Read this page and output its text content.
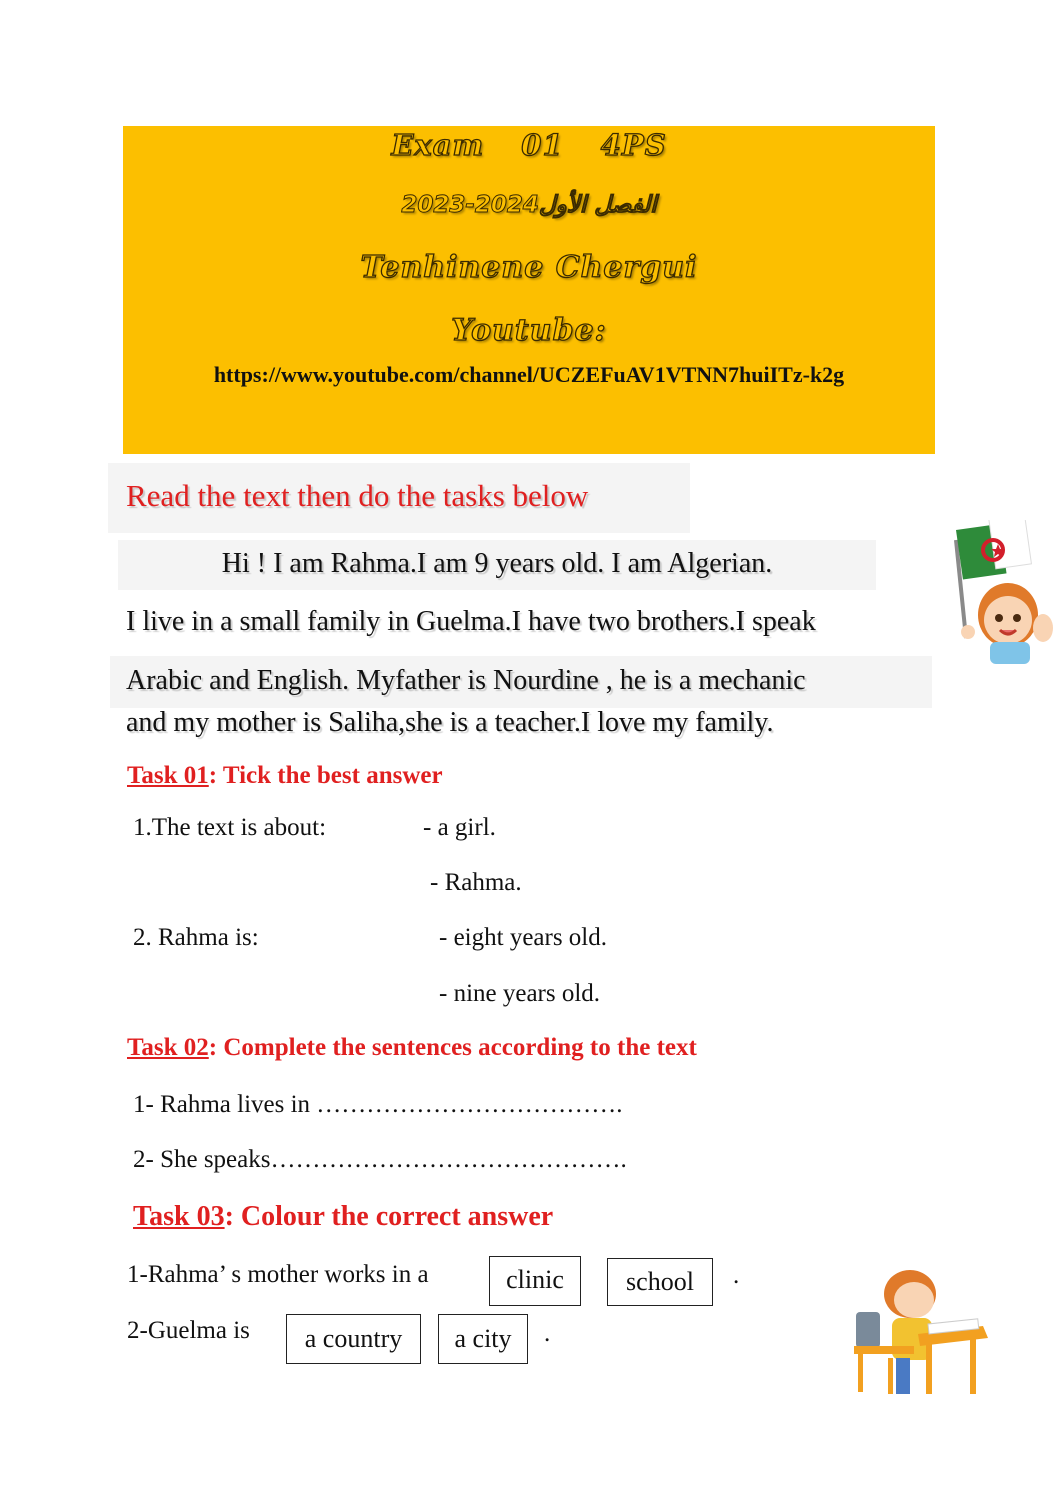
Exam 01 4PS
2023-2024الفصل الأول
Tenhinene Chergui
Youtube:
https://www.youtube.com/channel/UCZEFuAV1VTNN7huiITz-k2g
Read the text then do the tasks below
Hi ! I am Rahma.I am 9 years old. I am Algerian.
I live in a small family in Guelma.I have two brothers.I speak
Arabic and English. Myfather is Nourdine , he is a mechanic
and my mother is Saliha,she is a teacher.I love my family.
Task 01: Tick the best answer
1.The text is about:	- a girl.
- Rahma.
2. Rahma is:	- eight years old.
- nine years old.
Task 02: Complete the sentences according to the text
1- Rahma lives in ……………………………….
2- She speaks…………………………………….
Task 03: Colour the correct answer
1-Rahma’ s mother works in a	clinic	school	.
2-Guelma is	a country	a city	.
